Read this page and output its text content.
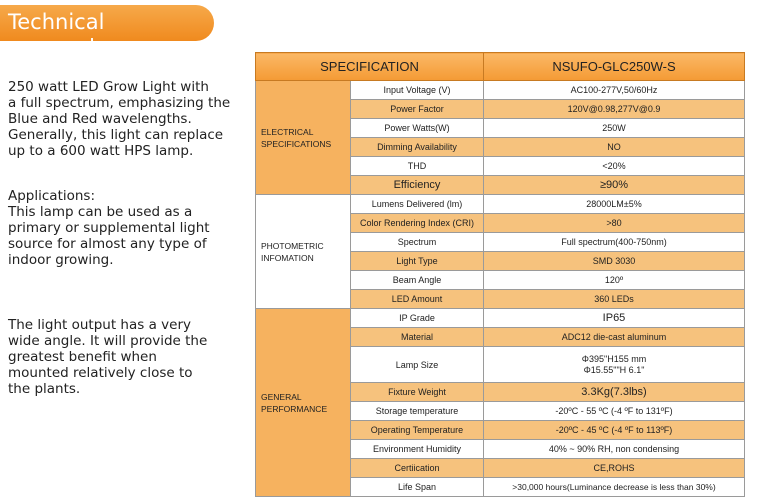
Technical parameters
250 watt LED Grow Light with
a full spectrum, emphasizing the
Blue and Red wavelengths.
Generally, this light can replace
up to a 600 watt HPS lamp.
Applications:
This lamp can be used as a
primary or supplemental light
source for almost any type of
indoor growing.
The light output has a very
wide angle. It will provide the
greatest benefit when
mounted relatively close to
the plants.
SPECIFICATION		NSUFO-GLC250W-S
ELECTRICAL SPECIFICATIONS	Input Voltage (V)	AC100-277V,50/60Hz
	Power Factor	120V@0.98,277V@0.9
	Power Watts(W)	250W
	Dimming Availability	NO
	THD	<20%
	Efficiency	≥90%
PHOTOMETRIC INFOMATION	Lumens Delivered (lm)	28000LM±5%
	Color Rendering Index (CRI)	>80
	Spectrum	Full spectrum(400-750nm)
	Light Type	SMD 3030
	Beam Angle	120º
	LED Amount	360 LEDs
GENERAL PERFORMANCE	IP Grade	IP65
	Material	ADC12 die-cast aluminum
	Lamp Size	Φ395"H155 mm
Φ15.55""H 6.1"

	Fixture Weight	3.3Kg(7.3lbs)
	Storage temperature	-20ºC - 55 ºC (-4 ºF to 131ºF)
	Operating Temperature	-20ºC - 45 ºC (-4 ºF to 113ºF)
	Environment Humidity	40% ~ 90% RH, non condensing
	Certiication	CE,ROHS
	Life Span	>30,000 hours(Luminance decrease is less than 30%)
